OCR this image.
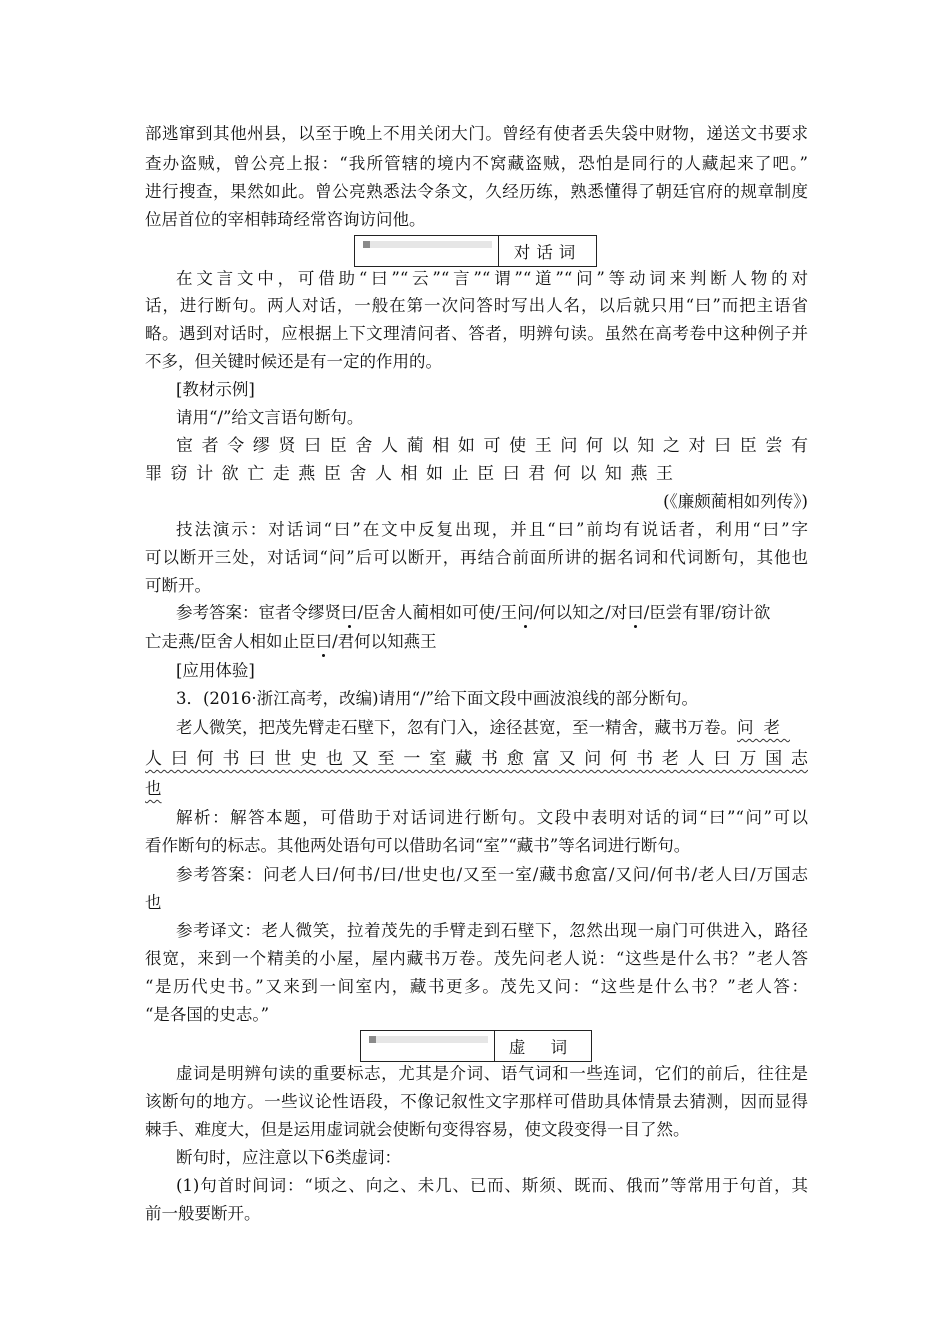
部逃窜到其他州县，以至于晚上不用关闭大门。曾经有使者丢失袋中财物，递送文书要求
查办盗贼，曾公亮上报：“我所管辖的境内不窝藏盗贼，恐怕是同行的人藏起来了吧。”
进行搜查，果然如此。曾公亮熟悉法令条文，久经历练，熟悉懂得了朝廷官府的规章制度
位居首位的宰相韩琦经常咨询访问他。
对话词
在文言文中，可借助“曰”“云”“言”“谓”“道”“问”等动词来判断人物的对
话，进行断句。两人对话，一般在第一次问答时写出人名，以后就只用“曰”而把主语省
略。遇到对话时，应根据上下文理清问者、答者，明辨句读。虽然在高考卷中这种例子并
不多，但关键时候还是有一定的作用的。
[教材示例]
请用“/”给文言语句断句。
宦者令缪贤曰臣舍人蔺相如可使王问何以知之对曰臣尝有
罪窃计欲亡走燕臣舍人相如止臣曰君何以知燕王
(《廉颇蔺相如列传》)
技法演示：对话词“曰”在文中反复出现，并且“曰”前均有说话者，利用“曰”字
可以断开三处，对话词“问”后可以断开，再结合前面所讲的据名词和代词断句，其他也
可断开。
参考答案：宦者令缪贤曰/臣舍人蔺相如可使/王问/何以知之/对曰/臣尝有罪/窃计欲
亡走燕/臣舍人相如止臣曰/君何以知燕王
[应用体验]
3．(2016·浙江高考，改编)请用“/”给下面文段中画波浪线的部分断句。
老人微笑，把茂先臂走石壁下，忽有门入，途径甚宽，至一精舍，藏书万卷。问老
人曰何书曰世史也又至一室藏书愈富又问何书老人曰万国志
也
解析：解答本题，可借助于对话词进行断句。文段中表明对话的词“曰”“问”可以
看作断句的标志。其他两处语句可以借助名词“室”“藏书”等名词进行断句。
参考答案：问老人曰/何书/曰/世史也/又至一室/藏书愈富/又问/何书/老人曰/万国志
也
参考译文：老人微笑，拉着茂先的手臂走到石壁下，忽然出现一扇门可供进入，路径
很宽，来到一个精美的小屋，屋内藏书万卷。茂先问老人说：“这些是什么书？”老人答
“是历代史书。”又来到一间室内，藏书更多。茂先又问：“这些是什么书？”老人答：
“是各国的史志。”
虚 词
虚词是明辨句读的重要标志，尤其是介词、语气词和一些连词，它们的前后，往往是
该断句的地方。一些议论性语段，不像记叙性文字那样可借助具体情景去猜测，因而显得
棘手、难度大，但是运用虚词就会使断句变得容易，使文段变得一目了然。
断句时，应注意以下6类虚词：
(1)句首时间词：“顷之、向之、未几、已而、斯须、既而、俄而”等常用于句首，其
前一般要断开。
